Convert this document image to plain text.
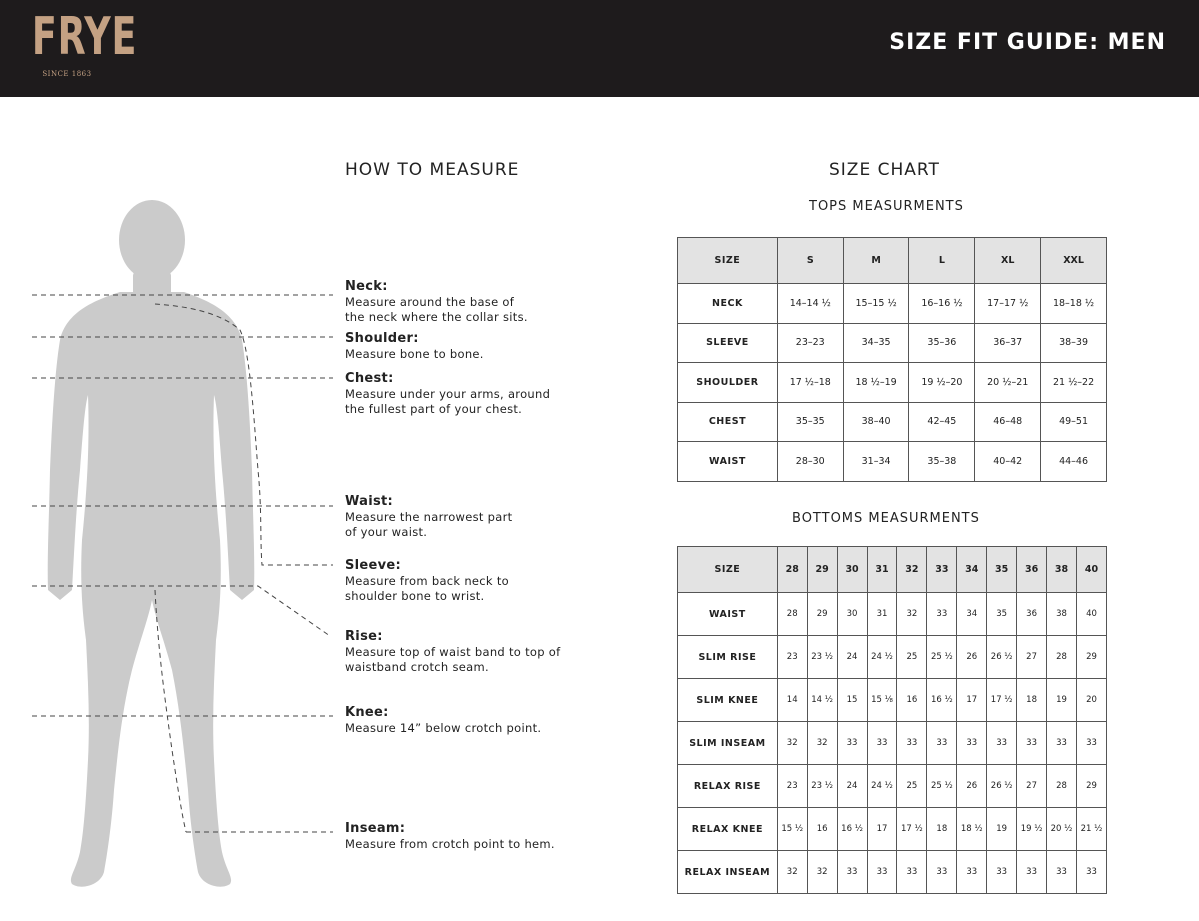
FRYE
SINCE 1863
SIZE FIT GUIDE: MEN
HOW TO MEASURE	SIZE CHART
TOPS MEASURMENTS
BOTTOMS MEASURMENTS
Neck:
Measure around the base of
the neck where the collar sits.
Shoulder:
Measure bone to bone.
Chest:
Measure under your arms, around
the fullest part of your chest.
Waist:
Measure the narrowest part
of your waist.
Sleeve:
Measure from back neck to
shoulder bone to wrist.
Rise:
Measure top of waist band to top of
waistband crotch seam.
Knee:
Measure 14” below crotch point.
Inseam:
Measure from crotch point to hem.
SIZE	S	M	L	XL	XXL
NECK	14–14 ½	15–15 ½	16–16 ½	17–17 ½	18–18 ½
SLEEVE	23–23	34–35	35–36	36–37	38–39
SHOULDER	17 ½–18	18 ½–19	19 ½–20	20 ½–21	21 ½–22
CHEST	35–35	38–40	42–45	46–48	49–51
WAIST	28–30	31–34	35–38	40–42	44–46
SIZE	28	29	30	31	32	33	34	35	36	38	40
WAIST	28	29	30	31	32	33	34	35	36	38	40
SLIM RISE	23	23 ½	24	24 ½	25	25 ½	26	26 ½	27	28	29
SLIM KNEE	14	14 ½	15	15 ⅛	16	16 ½	17	17 ½	18	19	20
SLIM INSEAM	32	32	33	33	33	33	33	33	33	33	33
RELAX RISE	23	23 ½	24	24 ½	25	25 ½	26	26 ½	27	28	29
RELAX KNEE	15 ½	16	16 ½	17	17 ½	18	18 ½	19	19 ½	20 ½	21 ½
RELAX INSEAM	32	32	33	33	33	33	33	33	33	33	33
